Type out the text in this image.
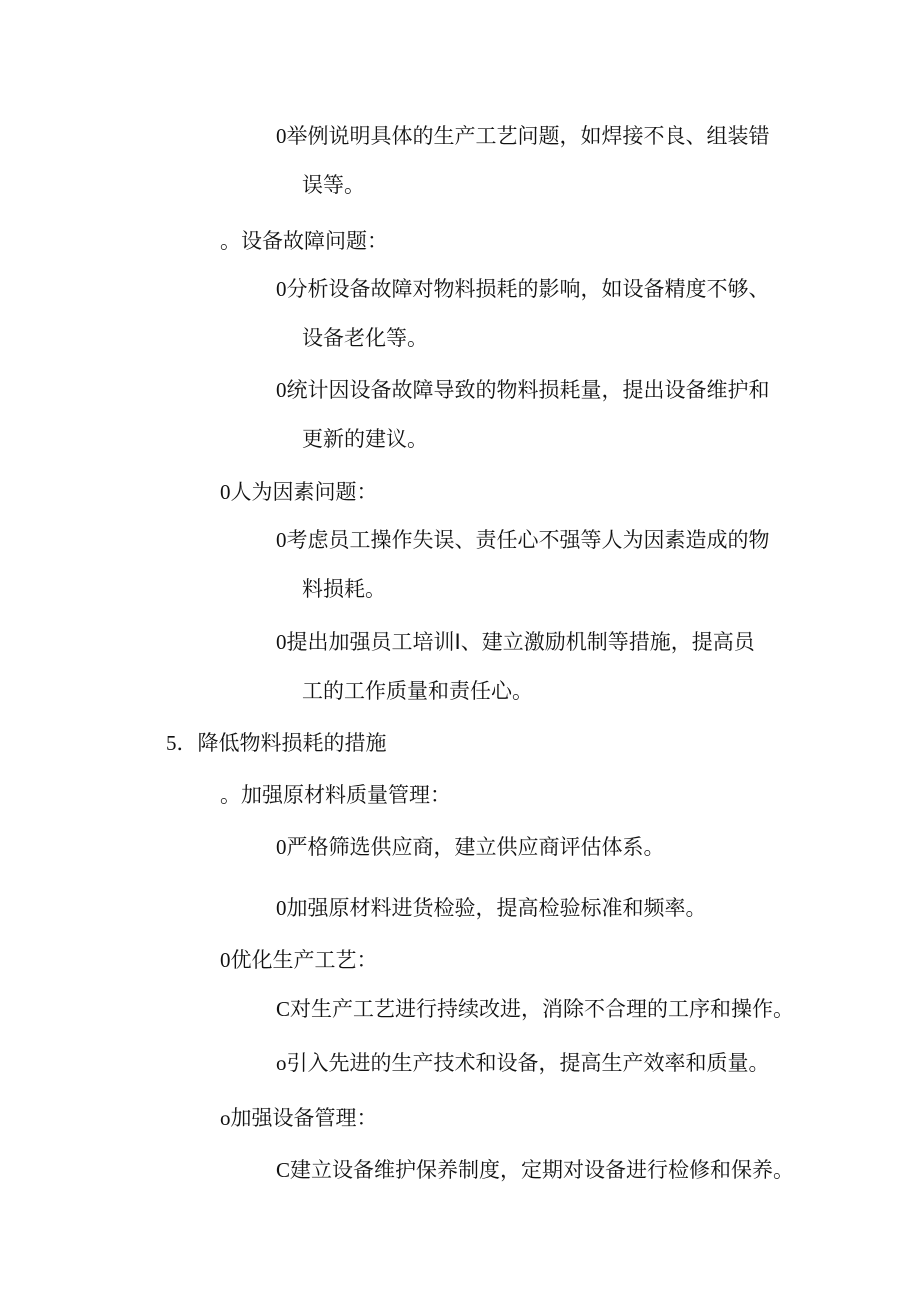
0举例说明具体的生产工艺问题，如焊接不良、组装错
误等。
。设备故障问题：
0分析设备故障对物料损耗的影响，如设备精度不够、
设备老化等。
0统计因设备故障导致的物料损耗量，提出设备维护和
更新的建议。
0人为因素问题：
0考虑员工操作失误、责任心不强等人为因素造成的物
料损耗。
0提出加强员工培训I、建立激励机制等措施，提高员
工的工作质量和责任心。
5．降低物料损耗的措施
。加强原材料质量管理：
0严格筛选供应商，建立供应商评估体系。
0加强原材料进货检验，提高检验标准和频率。
0优化生产工艺：
C对生产工艺进行持续改进，消除不合理的工序和操作。
o引入先进的生产技术和设备，提高生产效率和质量。
o加强设备管理：
C建立设备维护保养制度，定期对设备进行检修和保养。
